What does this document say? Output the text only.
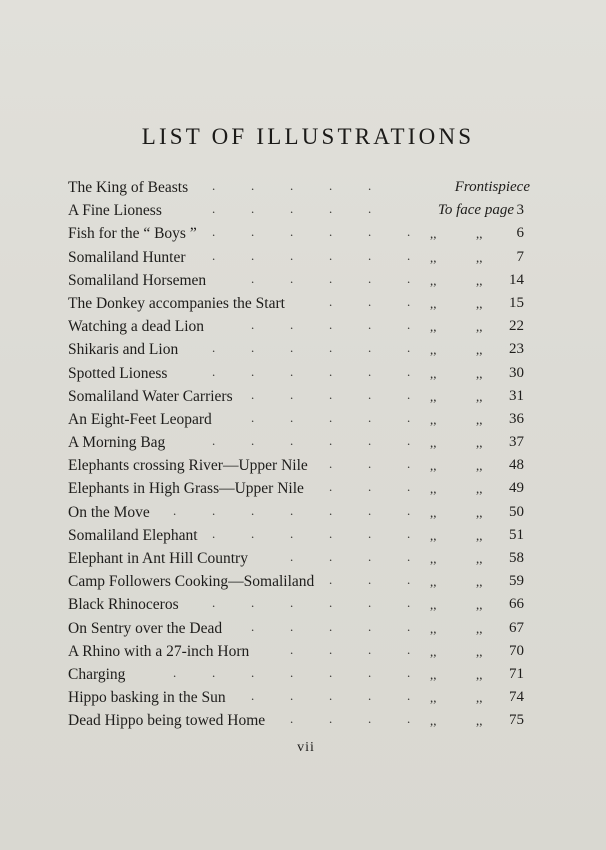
LIST OF ILLUSTRATIONS
.	.	.	.	.
The King of Beasts	Frontispiece
.	.	.	.	.
A Fine Lioness	To face page 3
.	.	.	.	.	.
Fish for the “ Boys ”	,,	,, 6
.	.	.	.	.	.
Somaliland Hunter	,,	,, 7
.	.	.	.	.
Somaliland Horsemen	,,	,, 14
.	.	.
The Donkey accompanies the Start	,,	,, 15
.	.	.	.	.
Watching a dead Lion	,,	,, 22
.	.	.	.	.	.
Shikaris and Lion	,,	,, 23
.	.	.	.	.	.
Spotted Lioness	,,	,, 30
.	.	.	.	.
Somaliland Water Carriers	,,	,, 31
.	.	.	.	.
An Eight-Feet Leopard	,,	,, 36
.	.	.	.	.	.
A Morning Bag	,,	,, 37
.	.	.
Elephants crossing River—Upper Nile	,,	,, 48
.	.	.
Elephants in High Grass—Upper Nile	,,	,, 49
.	.	.	.	.	.	.
On the Move	,,	,, 50
.	.	.	.	.	.
Somaliland Elephant	,,	,, 51
.	.	.	.
Elephant in Ant Hill Country	,,	,, 58
.	.	.
Camp Followers Cooking—Somaliland	,,	,, 59
.	.	.	.	.	.
Black Rhinoceros	,,	,, 66
.	.	.	.	.
On Sentry over the Dead	,,	,, 67
.	.	.	.
A Rhino with a 27-inch Horn	,,	,, 70
.	.	.	.	.	.	.
Charging	,,	,, 71
.	.	.	.	.
Hippo basking in the Sun	,,	,, 74
.	.	.	.
Dead Hippo being towed Home	,,	,, 75
vii
